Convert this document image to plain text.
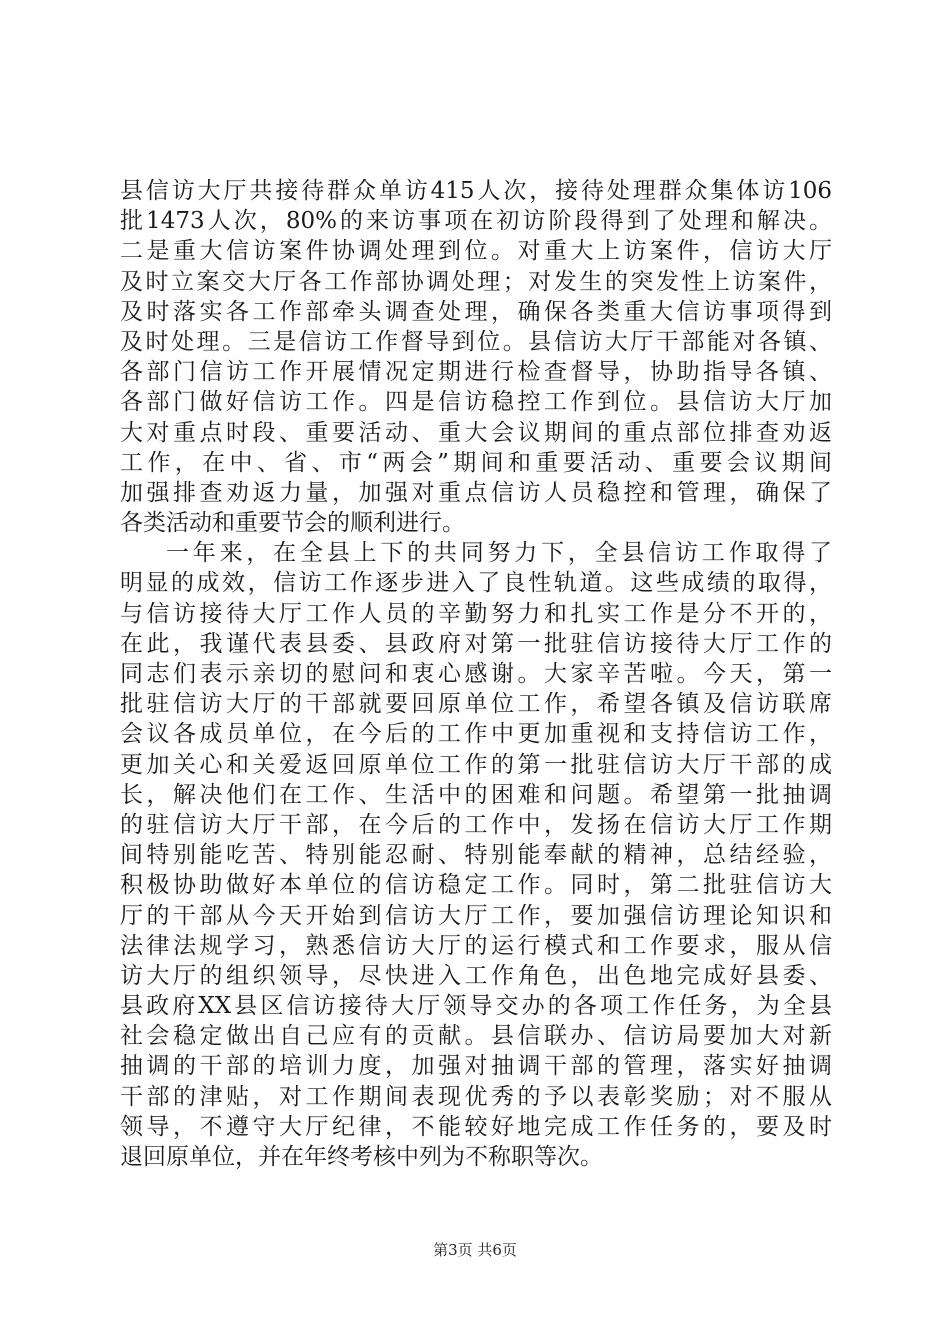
县信访大厅共接待群众单访415人次，接待处理群众集体访106
批1473人次，80%的来访事项在初访阶段得到了处理和解决。
二是重大信访案件协调处理到位。对重大上访案件，信访大厅
及时立案交大厅各工作部协调处理；对发生的突发性上访案件，
及时落实各工作部牵头调查处理，确保各类重大信访事项得到
及时处理。三是信访工作督导到位。县信访大厅干部能对各镇、
各部门信访工作开展情况定期进行检查督导，协助指导各镇、
各部门做好信访工作。四是信访稳控工作到位。县信访大厅加
大对重点时段、重要活动、重大会议期间的重点部位排查劝返
工作，在中、省、市“两会”期间和重要活动、重要会议期间
加强排查劝返力量，加强对重点信访人员稳控和管理，确保了
各类活动和重要节会的顺利进行。
一年来，在全县上下的共同努力下，全县信访工作取得了
明显的成效，信访工作逐步进入了良性轨道。这些成绩的取得，
与信访接待大厅工作人员的辛勤努力和扎实工作是分不开的，
在此，我谨代表县委、县政府对第一批驻信访接待大厅工作的
同志们表示亲切的慰问和衷心感谢。大家辛苦啦。今天，第一
批驻信访大厅的干部就要回原单位工作，希望各镇及信访联席
会议各成员单位，在今后的工作中更加重视和支持信访工作，
更加关心和关爱返回原单位工作的第一批驻信访大厅干部的成
长，解决他们在工作、生活中的困难和问题。希望第一批抽调
的驻信访大厅干部，在今后的工作中，发扬在信访大厅工作期
间特别能吃苦、特别能忍耐、特别能奉献的精神，总结经验，
积极协助做好本单位的信访稳定工作。同时，第二批驻信访大
厅的干部从今天开始到信访大厅工作，要加强信访理论知识和
法律法规学习，熟悉信访大厅的运行模式和工作要求，服从信
访大厅的组织领导，尽快进入工作角色，出色地完成好县委、
县政府XX县区信访接待大厅领导交办的各项工作任务，为全县
社会稳定做出自己应有的贡献。县信联办、信访局要加大对新
抽调的干部的培训力度，加强对抽调干部的管理，落实好抽调
干部的津贴，对工作期间表现优秀的予以表彰奖励；对不服从
领导，不遵守大厅纪律，不能较好地完成工作任务的，要及时
退回原单位，并在年终考核中列为不称职等次。
第3页 共6页
